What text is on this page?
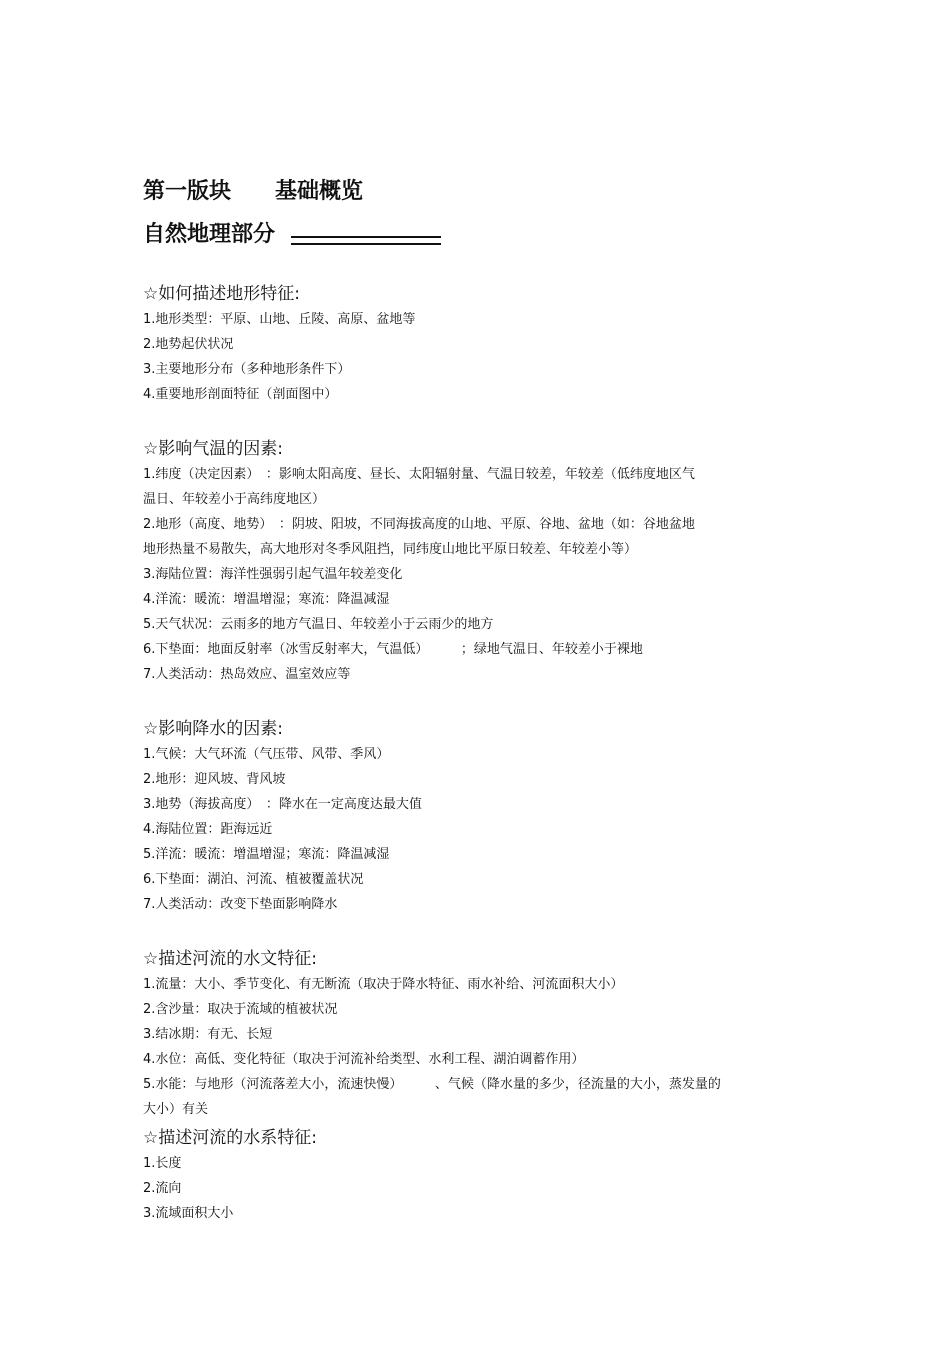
第一版块　　基础概览
自然地理部分

☆如何描述地形特征:

1.地形类型：平原、山地、丘陵、高原、盆地等

2.地势起伏状况

3.主要地形分布（多种地形条件下）

4.重要地形剖面特征（剖面图中）

☆影响气温的因素:

1.纬度（决定因素）　：影响太阳高度、昼长、太阳辐射量、气温日较差，年较差（低纬度地区气
温日、年较差小于高纬度地区）

2.地形（高度、地势）　：阴坡、阳坡，不同海拔高度的山地、平原、谷地、盆地（如：谷地盆地
地形热量不易散失，高大地形对冬季风阻挡，同纬度山地比平原日较差、年较差小等）

3.海陆位置：海洋性强弱引起气温年较差变化

4.洋流：暖流：增温增湿；寒流：降温减湿

5.天气状况：云雨多的地方气温日、年较差小于云雨少的地方

6.下垫面：地面反射率（冰雪反射率大，气温低）　　　；绿地气温日、年较差小于裸地

7.人类活动：热岛效应、温室效应等

☆影响降水的因素:

1.气候：大气环流（气压带、风带、季风）

2.地形：迎风坡、背风坡

3.地势（海拔高度）　：降水在一定高度达最大值

4.海陆位置：距海远近

5.洋流：暖流：增温增湿；寒流：降温减湿

6.下垫面：湖泊、河流、植被覆盖状况

7.人类活动：改变下垫面影响降水

☆描述河流的水文特征:

1.流量：大小、季节变化、有无断流（取决于降水特征、雨水补给、河流面积大小）

2.含沙量：取决于流域的植被状况

3.结冰期：有无、长短

4.水位：高低、变化特征（取决于河流补给类型、水利工程、湖泊调蓄作用）

5.水能：与地形（河流落差大小，流速快慢）　　　、气候（降水量的多少，径流量的大小，蒸发量的
大小）有关

☆描述河流的水系特征:

1.长度

2.流向

3.流域面积大小
